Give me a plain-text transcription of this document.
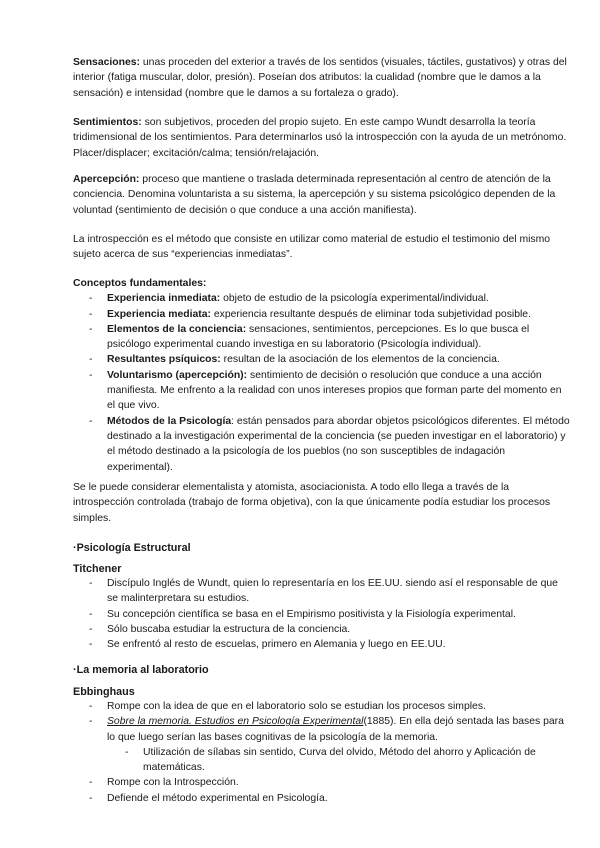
Sensaciones: unas proceden del exterior a través de los sentidos (visuales, táctiles, gustativos) y otras del interior (fatiga muscular, dolor, presión). Poseían dos atributos: la cualidad (nombre que le damos a la sensación) e intensidad (nombre que le damos a su fortaleza o grado).

Sentimientos: son subjetivos, proceden del propio sujeto. En este campo Wundt desarrolla la teoría tridimensional de los sentimientos. Para determinarlos usó la introspección con la ayuda de un metrónomo. Placer/displacer; excitación/calma; tensión/relajación.

Apercepción: proceso que mantiene o traslada determinada representación al centro de atención de la conciencia. Denomina voluntarista a su sistema, la apercepción y su sistema psicológico dependen de la voluntad (sentimiento de decisión o que conduce a una acción manifiesta).

La introspección es el método que consiste en utilizar como material de estudio el testimonio del mismo sujeto acerca de sus “experiencias inmediatas”.

Conceptos fundamentales:

- Experiencia inmediata: objeto de estudio de la psicología experimental/individual.
- Experiencia mediata: experiencia resultante después de eliminar toda subjetividad posible.
- Elementos de la conciencia: sensaciones, sentimientos, percepciones. Es lo que busca el psicólogo experimental cuando investiga en su laboratorio (Psicología individual).
- Resultantes psíquicos: resultan de la asociación de los elementos de la conciencia.
- Voluntarismo (apercepción): sentimiento de decisión o resolución que conduce a una acción manifiesta. Me enfrento a la realidad con unos intereses propios que forman parte del momento en el que vivo.
- Métodos de la Psicología: están pensados para abordar objetos psicológicos diferentes. El método destinado a la investigación experimental de la conciencia (se pueden investigar en el laboratorio) y el método destinado a la psicología de los pueblos (no son susceptibles de indagación experimental).

Se le puede considerar elementalista y atomista, asociacionista. A todo ello llega a través de la introspección controlada (trabajo de forma objetiva), con la que únicamente podía estudiar los procesos simples.

·Psicología Estructural
Titchener
- Discípulo Inglés de Wundt, quien lo representaría en los EE.UU. siendo así el responsable de que se malinterpretara su estudios.
- Su concepción científica se basa en el Empirismo positivista y la Fisiología experimental.
- Sólo buscaba estudiar la estructura de la conciencia.
- Se enfrentó al resto de escuelas, primero en Alemania y luego en EE.UU.
·La memoria al laboratorio
Ebbinghaus
- Rompe con la idea de que en el laboratorio solo se estudian los procesos simples.
- Sobre la memoria. Estudios en Psicología Experimental(1885). En ella dejó sentada las bases para lo que luego serían las bases cognitivas de la psicología de la memoria.
- Utilización de sílabas sin sentido, Curva del olvido, Método del ahorro y Aplicación de matemáticas.
- Rompe con la Introspección.
- Defiende el método experimental en Psicología.
